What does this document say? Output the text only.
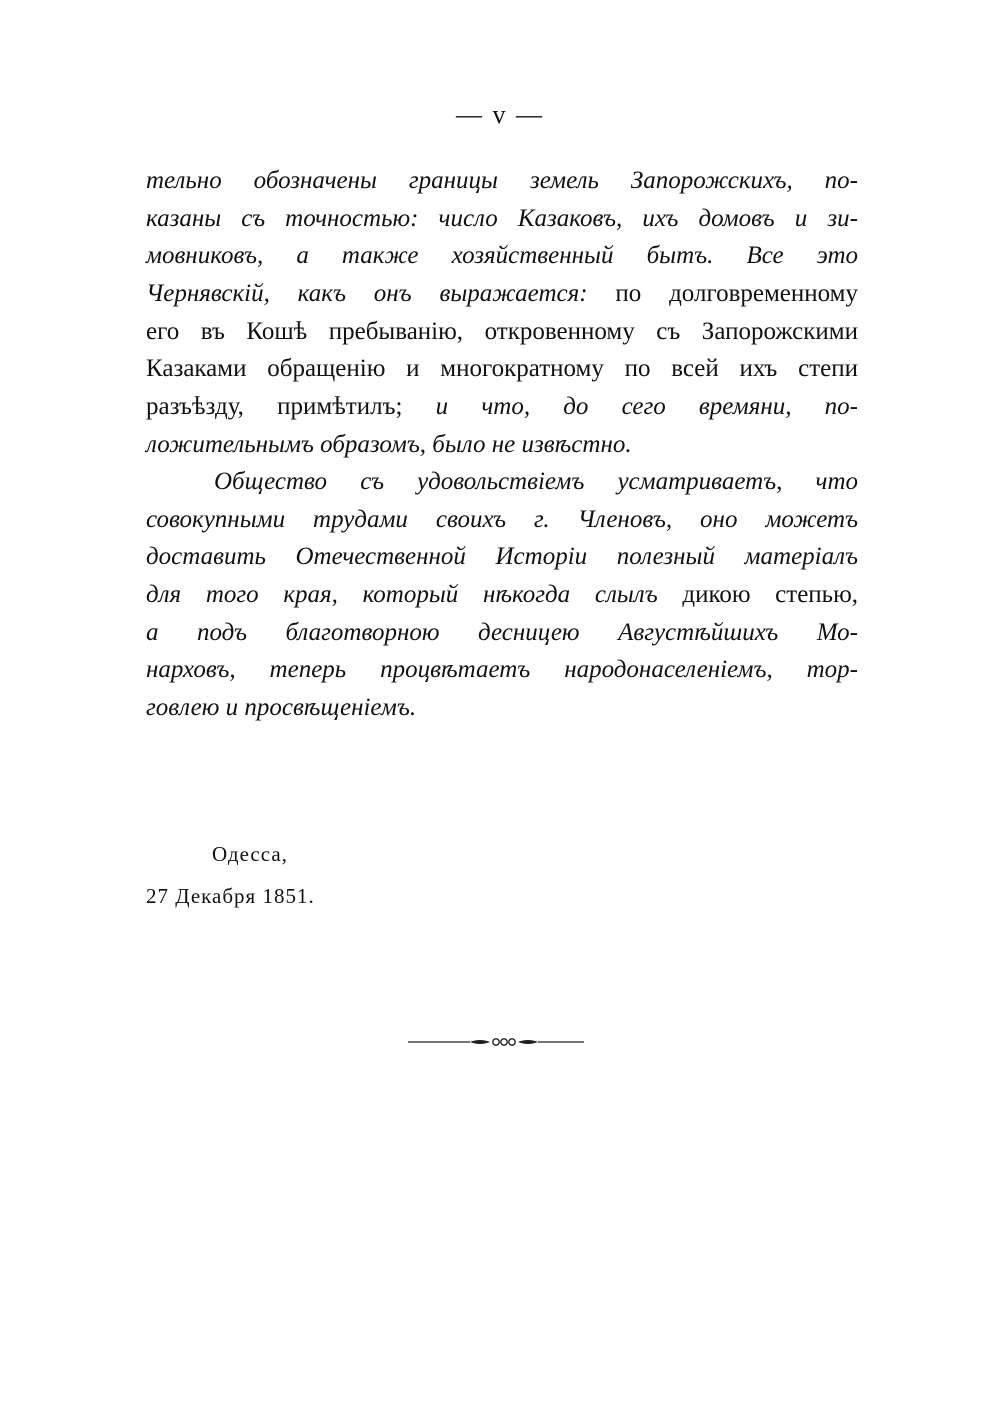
— v —
тельно обозначены границы земель Запорожскихъ, по-
казаны съ точностью: число Казаковъ, ихъ домовъ и зи-
мовниковъ, а также хозяйственный бытъ. Все это
Чернявскій, какъ онъ выражается: по долговременному
его въ Кошѣ пребыванію, откровенному съ Запорожскими
Казаками обращенію и многократному по всей ихъ степи
разъѣзду, примѣтилъ; и что, до сего времяни, по-
ложительнымъ образомъ, было не извѣстно.
Общество съ удовольствіемъ усматриваетъ, что
совокупными трудами своихъ г. Членовъ, оно можетъ
доставить Отечественной Исторіи полезный матеріалъ
для того края, который нѣкогда слылъ дикою степью,
а подъ благотворною десницею Августѣйшихъ Мо-
нарховъ, теперь процвѣтаетъ народонаселеніемъ, тор-
говлею и просвѣщеніемъ.
Одесса,
27 Декабря 1851.
